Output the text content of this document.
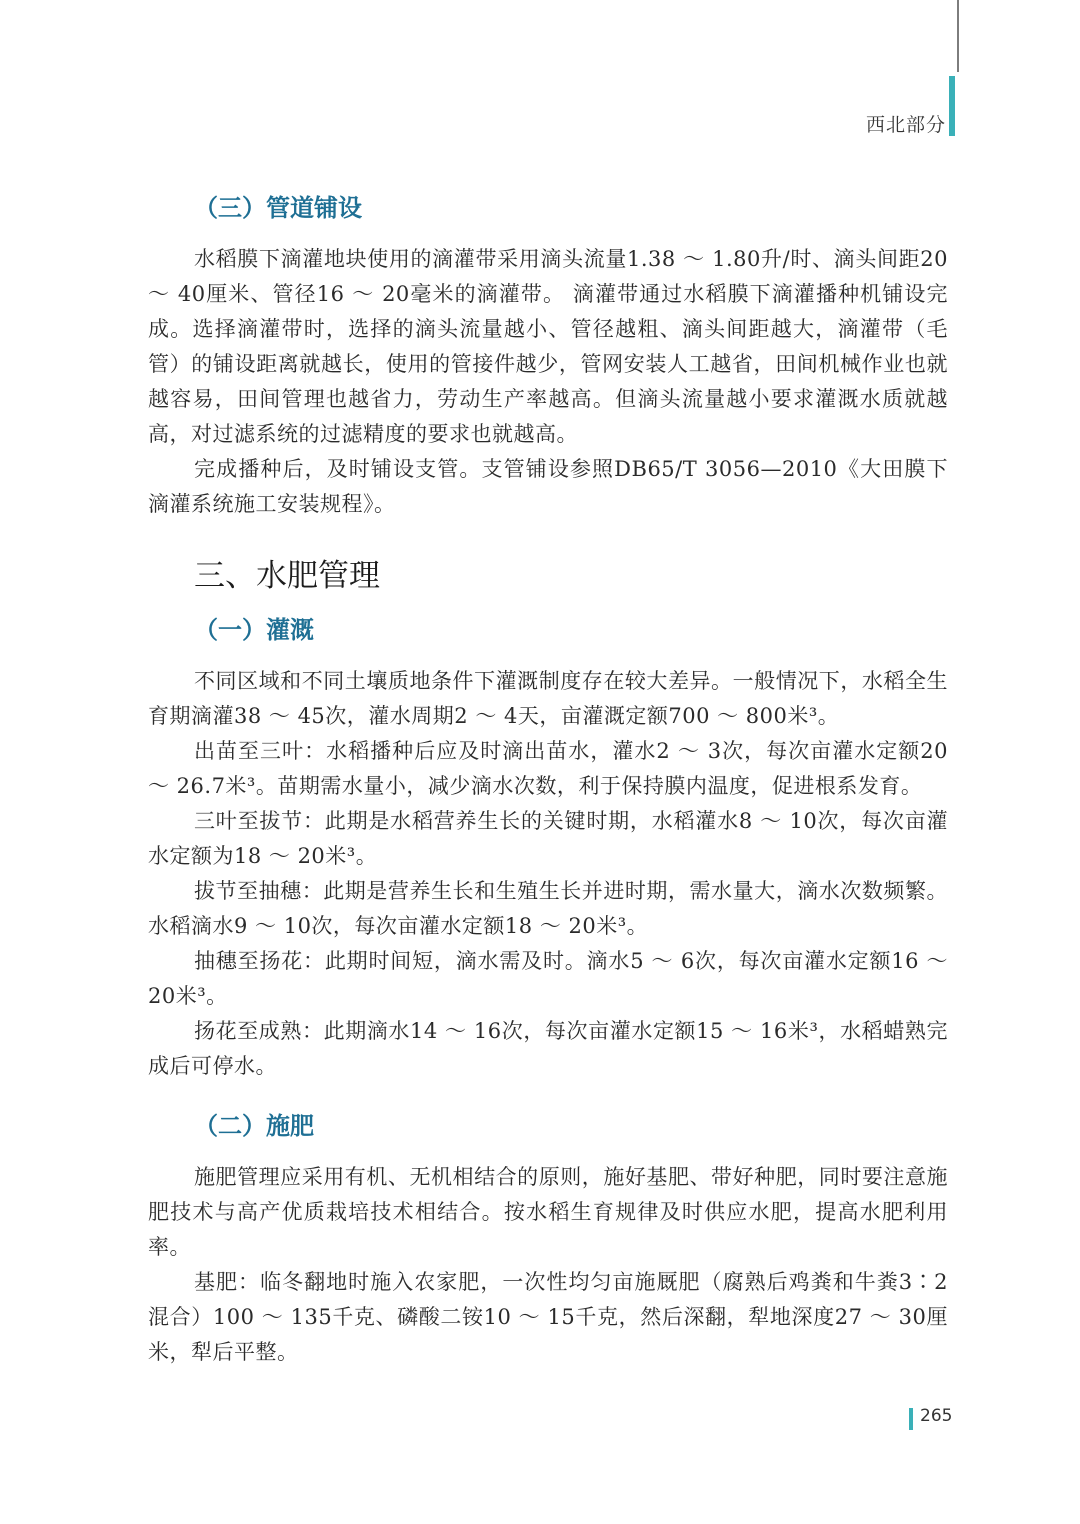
西北部分
（三）管道铺设

水稻膜下滴灌地块使用的滴灌带采用滴头流量1.38 ～ 1.80升/时、滴头间距20 ～ 40厘米、管径16 ～ 20毫米的滴灌带。 滴灌带通过水稻膜下滴灌播种机铺设完成。选择滴灌带时，选择的滴头流量越小、管径越粗、滴头间距越大，滴灌带（毛管）的铺设距离就越长，使用的管接件越少，管网安装人工越省，田间机械作业也就越容易，田间管理也越省力，劳动生产率越高。但滴头流量越小要求灌溉水质就越高，对过滤系统的过滤精度的要求也就越高。

完成播种后，及时铺设支管。支管铺设参照DB65/T 3056—2010《大田膜下滴灌系统施工安装规程》。

三、水肥管理
（一）灌溉

不同区域和不同土壤质地条件下灌溉制度存在较大差异。一般情况下，水稻全生育期滴灌38 ～ 45次，灌水周期2 ～ 4天，亩灌溉定额700 ～ 800米³。

出苗至三叶：水稻播种后应及时滴出苗水，灌水2 ～ 3次，每次亩灌水定额20 ～ 26.7米³。苗期需水量小，减少滴水次数，利于保持膜内温度，促进根系发育。

三叶至拔节：此期是水稻营养生长的关键时期，水稻灌水8 ～ 10次，每次亩灌水定额为18 ～ 20米³。

拔节至抽穗：此期是营养生长和生殖生长并进时期，需水量大，滴水次数频繁。水稻滴水9 ～ 10次，每次亩灌水定额18 ～ 20米³。

抽穗至扬花：此期时间短，滴水需及时。滴水5 ～ 6次，每次亩灌水定额16 ～ 20米³。

扬花至成熟：此期滴水14 ～ 16次，每次亩灌水定额15 ～ 16米³，水稻蜡熟完成后可停水。

（二）施肥

施肥管理应采用有机、无机相结合的原则，施好基肥、带好种肥，同时要注意施肥技术与高产优质栽培技术相结合。按水稻生育规律及时供应水肥，提高水肥利用率。

基肥：临冬翻地时施入农家肥，一次性均匀亩施厩肥（腐熟后鸡粪和牛粪3∶2混合）100 ～ 135千克、磷酸二铵10 ～ 15千克，然后深翻，犁地深度27 ～ 30厘米，犁后平整。

265
